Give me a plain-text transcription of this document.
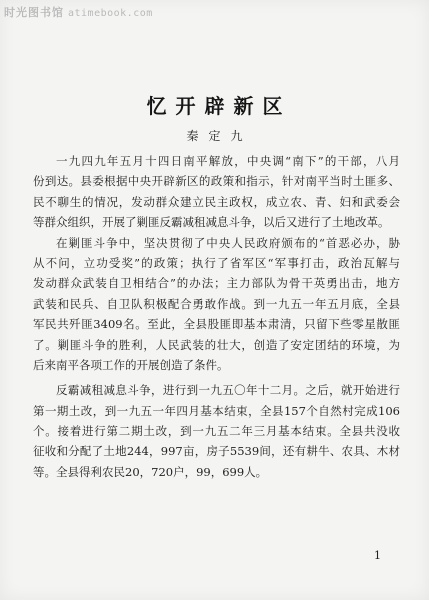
时光图书馆 atimebook.com
忆开辟新区
秦定九
一九四九年五月十四日南平解放，中央调“南下”的干部，八月
份到达。县委根据中央开辟新区的政策和指示，针对南平当时土匪多、
民不聊生的情况，发动群众建立民主政权，成立农、青、妇和武委会
等群众组织，开展了剿匪反霸减租减息斗争，以后又进行了土地改革。
在剿匪斗争中，坚决贯彻了中央人民政府颁布的“首恶必办，胁
从不问，立功受奖”的政策；执行了省军区“军事打击，政治瓦解与
发动群众武装自卫相结合”的办法；主力部队为骨干英勇出击，地方
武装和民兵、自卫队积极配合勇敢作战。到一九五一年五月底，全县
军民共歼匪3409名。至此，全县股匪即基本肃清，只留下些零星散匪
了。剿匪斗争的胜利，人民武装的壮大，创造了安定团结的环境，为
后来南平各项工作的开展创造了条件。
反霸减租减息斗争，进行到一九五〇年十二月。之后，就开始进行
第一期土改，到一九五一年四月基本结束，全县157个自然村完成106
个。接着进行第二期土改，到一九五二年三月基本结束。全县共没收
征收和分配了土地244，997亩，房子5539间，还有耕牛、农具、木材
等。全县得利农民20，720户，99，699人。
1
